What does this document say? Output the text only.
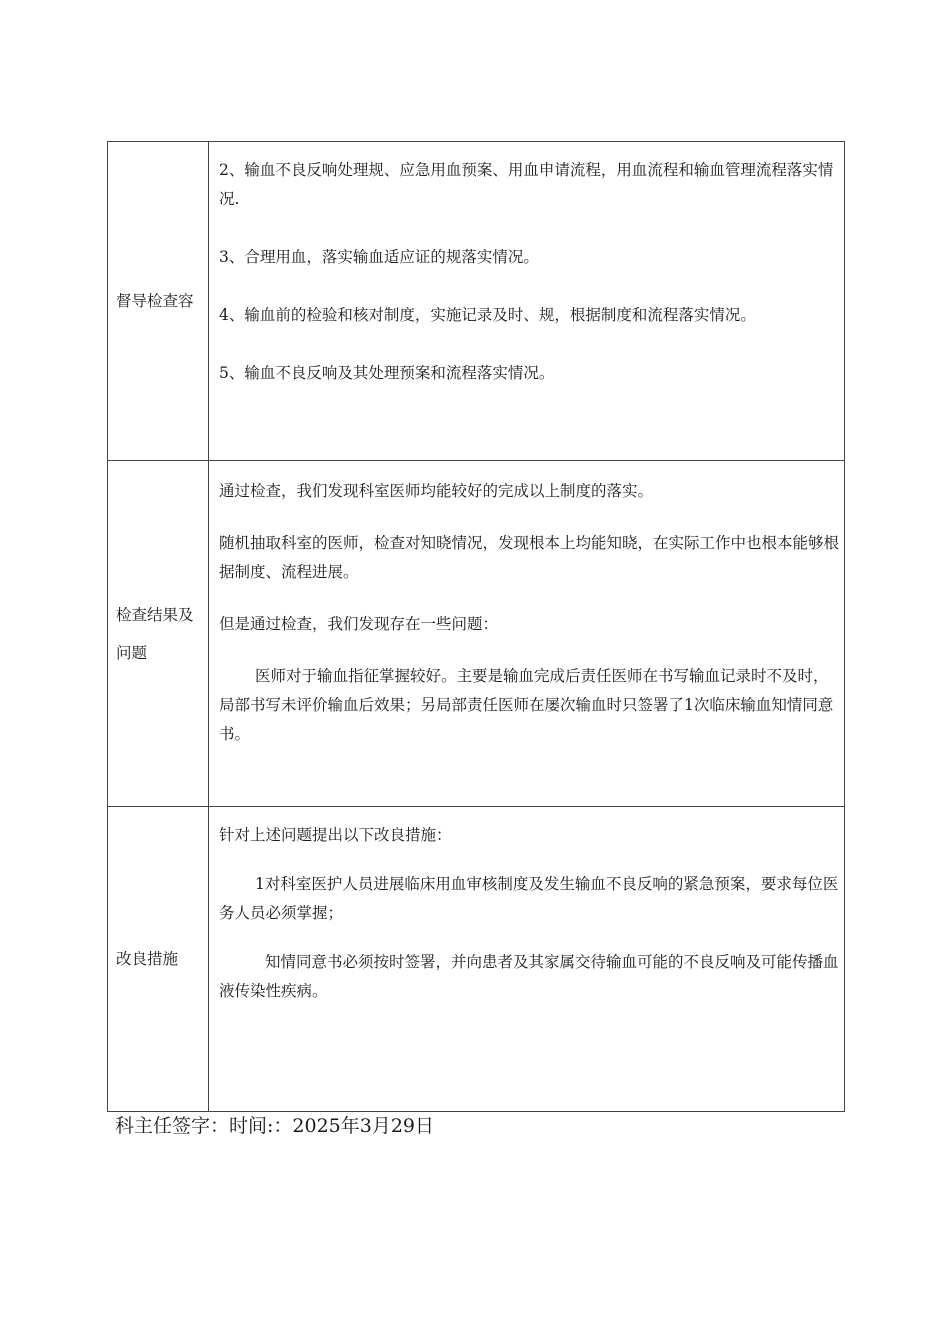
督导检查容	2、输血不良反响处理规、应急用血预案、用血申请流程，用血流程和输血管理流程落实情况.

3、合理用血，落实输血适应证的规落实情况。

4、输血前的检验和核对制度，实施记录及时、规，根据制度和流程落实情况。

5、输血不良反响及其处理预案和流程落实情况。

检查结果及问题	通过检查，我们发现科室医师均能较好的完成以上制度的落实。

随机抽取科室的医师，检查对知晓情况，发现根本上均能知晓，在实际工作中也根本能够根据制度、流程进展。

但是通过检查，我们发现存在一些问题：

医师对于输血指征掌握较好。主要是输血完成后责任医师在书写输血记录时不及时，局部书写未评价输血后效果；另局部责任医师在屡次输血时只签署了1次临床输血知情同意书。

改良措施	针对上述问题提出以下改良措施：

1对科室医护人员进展临床用血审核制度及发生输血不良反响的紧急预案，要求每位医务人员必须掌握；

知情同意书必须按时签署，并向患者及其家属交待输血可能的不良反响及可能传播血液传染性疾病。

科主任签字：时间:：2025年3月29日
